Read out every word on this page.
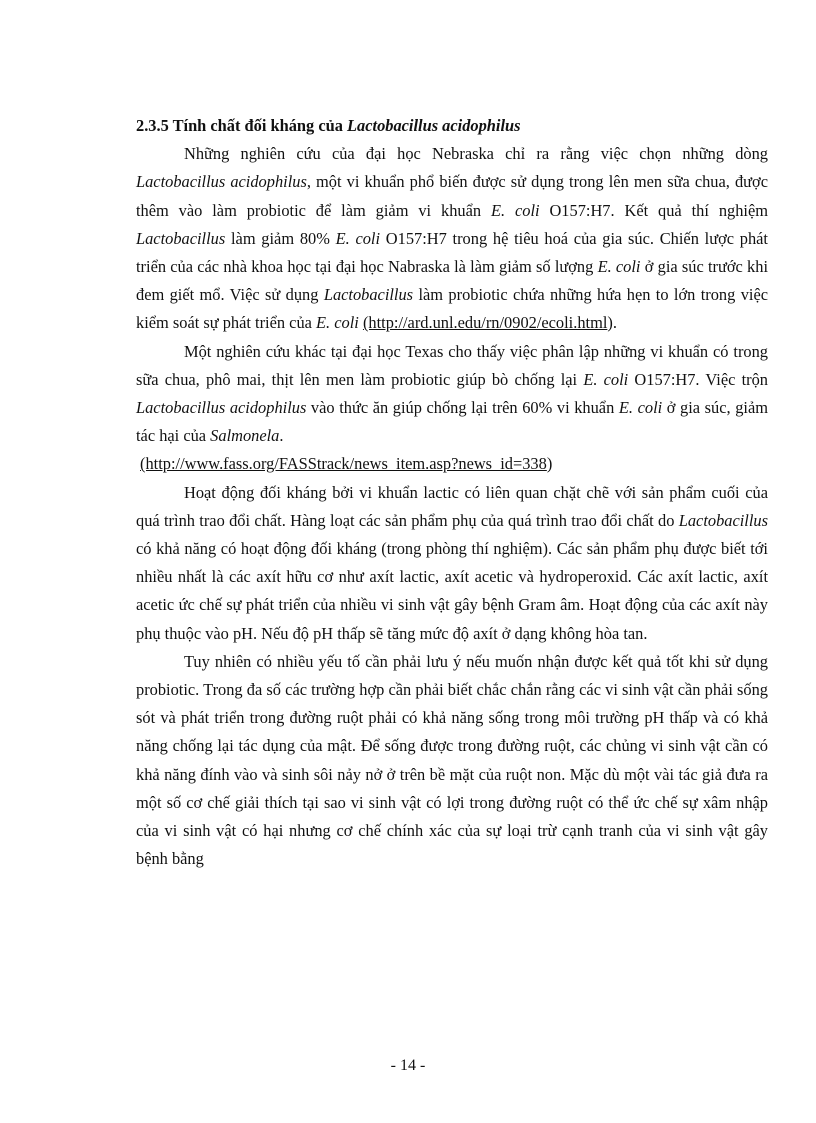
2.3.5 Tính chất đối kháng của Lactobacillus acidophilus

Những nghiên cứu của đại học Nebraska chỉ ra rằng việc chọn những dòng Lactobacillus acidophilus, một vi khuẩn phổ biến được sử dụng trong lên men sữa chua, được thêm vào làm probiotic để làm giảm vi khuẩn E. coli O157:H7. Kết quả thí nghiệm Lactobacillus làm giảm 80% E. coli O157:H7 trong hệ tiêu hoá của gia súc. Chiến lược phát triển của các nhà khoa học tại đại học Nabraska là làm giảm số lượng E. coli ở gia súc trước khi đem giết mổ. Việc sử dụng Lactobacillus làm probiotic chứa những hứa hẹn to lớn trong việc kiểm soát sự phát triển của E. coli (http://ard.unl.edu/rn/0902/ecoli.html).

Một nghiên cứu khác tại đại học Texas cho thấy việc phân lập những vi khuẩn có trong sữa chua, phô mai, thịt lên men làm probiotic giúp bò chống lại E. coli O157:H7. Việc trộn Lactobacillus acidophilus vào thức ăn giúp chống lại trên 60% vi khuẩn E. coli ở gia súc, giảm tác hại của Salmonela.

(http://www.fass.org/FASStrack/news_item.asp?news_id=338)

Hoạt động đối kháng bởi vi khuẩn lactic có liên quan chặt chẽ với sản phẩm cuối của quá trình trao đổi chất. Hàng loạt các sản phẩm phụ của quá trình trao đổi chất do Lactobacillus có khả năng có hoạt động đối kháng (trong phòng thí nghiệm). Các sản phẩm phụ được biết tới nhiều nhất là các axít hữu cơ như axít lactic, axít acetic và hydroperoxid. Các axít lactic, axít acetic ức chế sự phát triển của nhiều vi sinh vật gây bệnh Gram âm. Hoạt động của các axít này phụ thuộc vào pH. Nếu độ pH thấp sẽ tăng mức độ axít ở dạng không hòa tan.

Tuy nhiên có nhiều yếu tố cần phải lưu ý nếu muốn nhận được kết quả tốt khi sử dụng probiotic. Trong đa số các trường hợp cần phải biết chắc chắn rằng các vi sinh vật cần phải sống sót và phát triển trong đường ruột phải có khả năng sống trong môi trường pH thấp và có khả năng chống lại tác dụng của mật. Để sống được trong đường ruột, các chủng vi sinh vật cần có khả năng đính vào và sinh sôi nảy nở ở trên bề mặt của ruột non. Mặc dù một vài tác giả đưa ra một số cơ chế giải thích tại sao vi sinh vật có lợi trong đường ruột có thể ức chế sự xâm nhập của vi sinh vật có hại nhưng cơ chế chính xác của sự loại trừ cạnh tranh của vi sinh vật gây bệnh bằng

- 14 -
